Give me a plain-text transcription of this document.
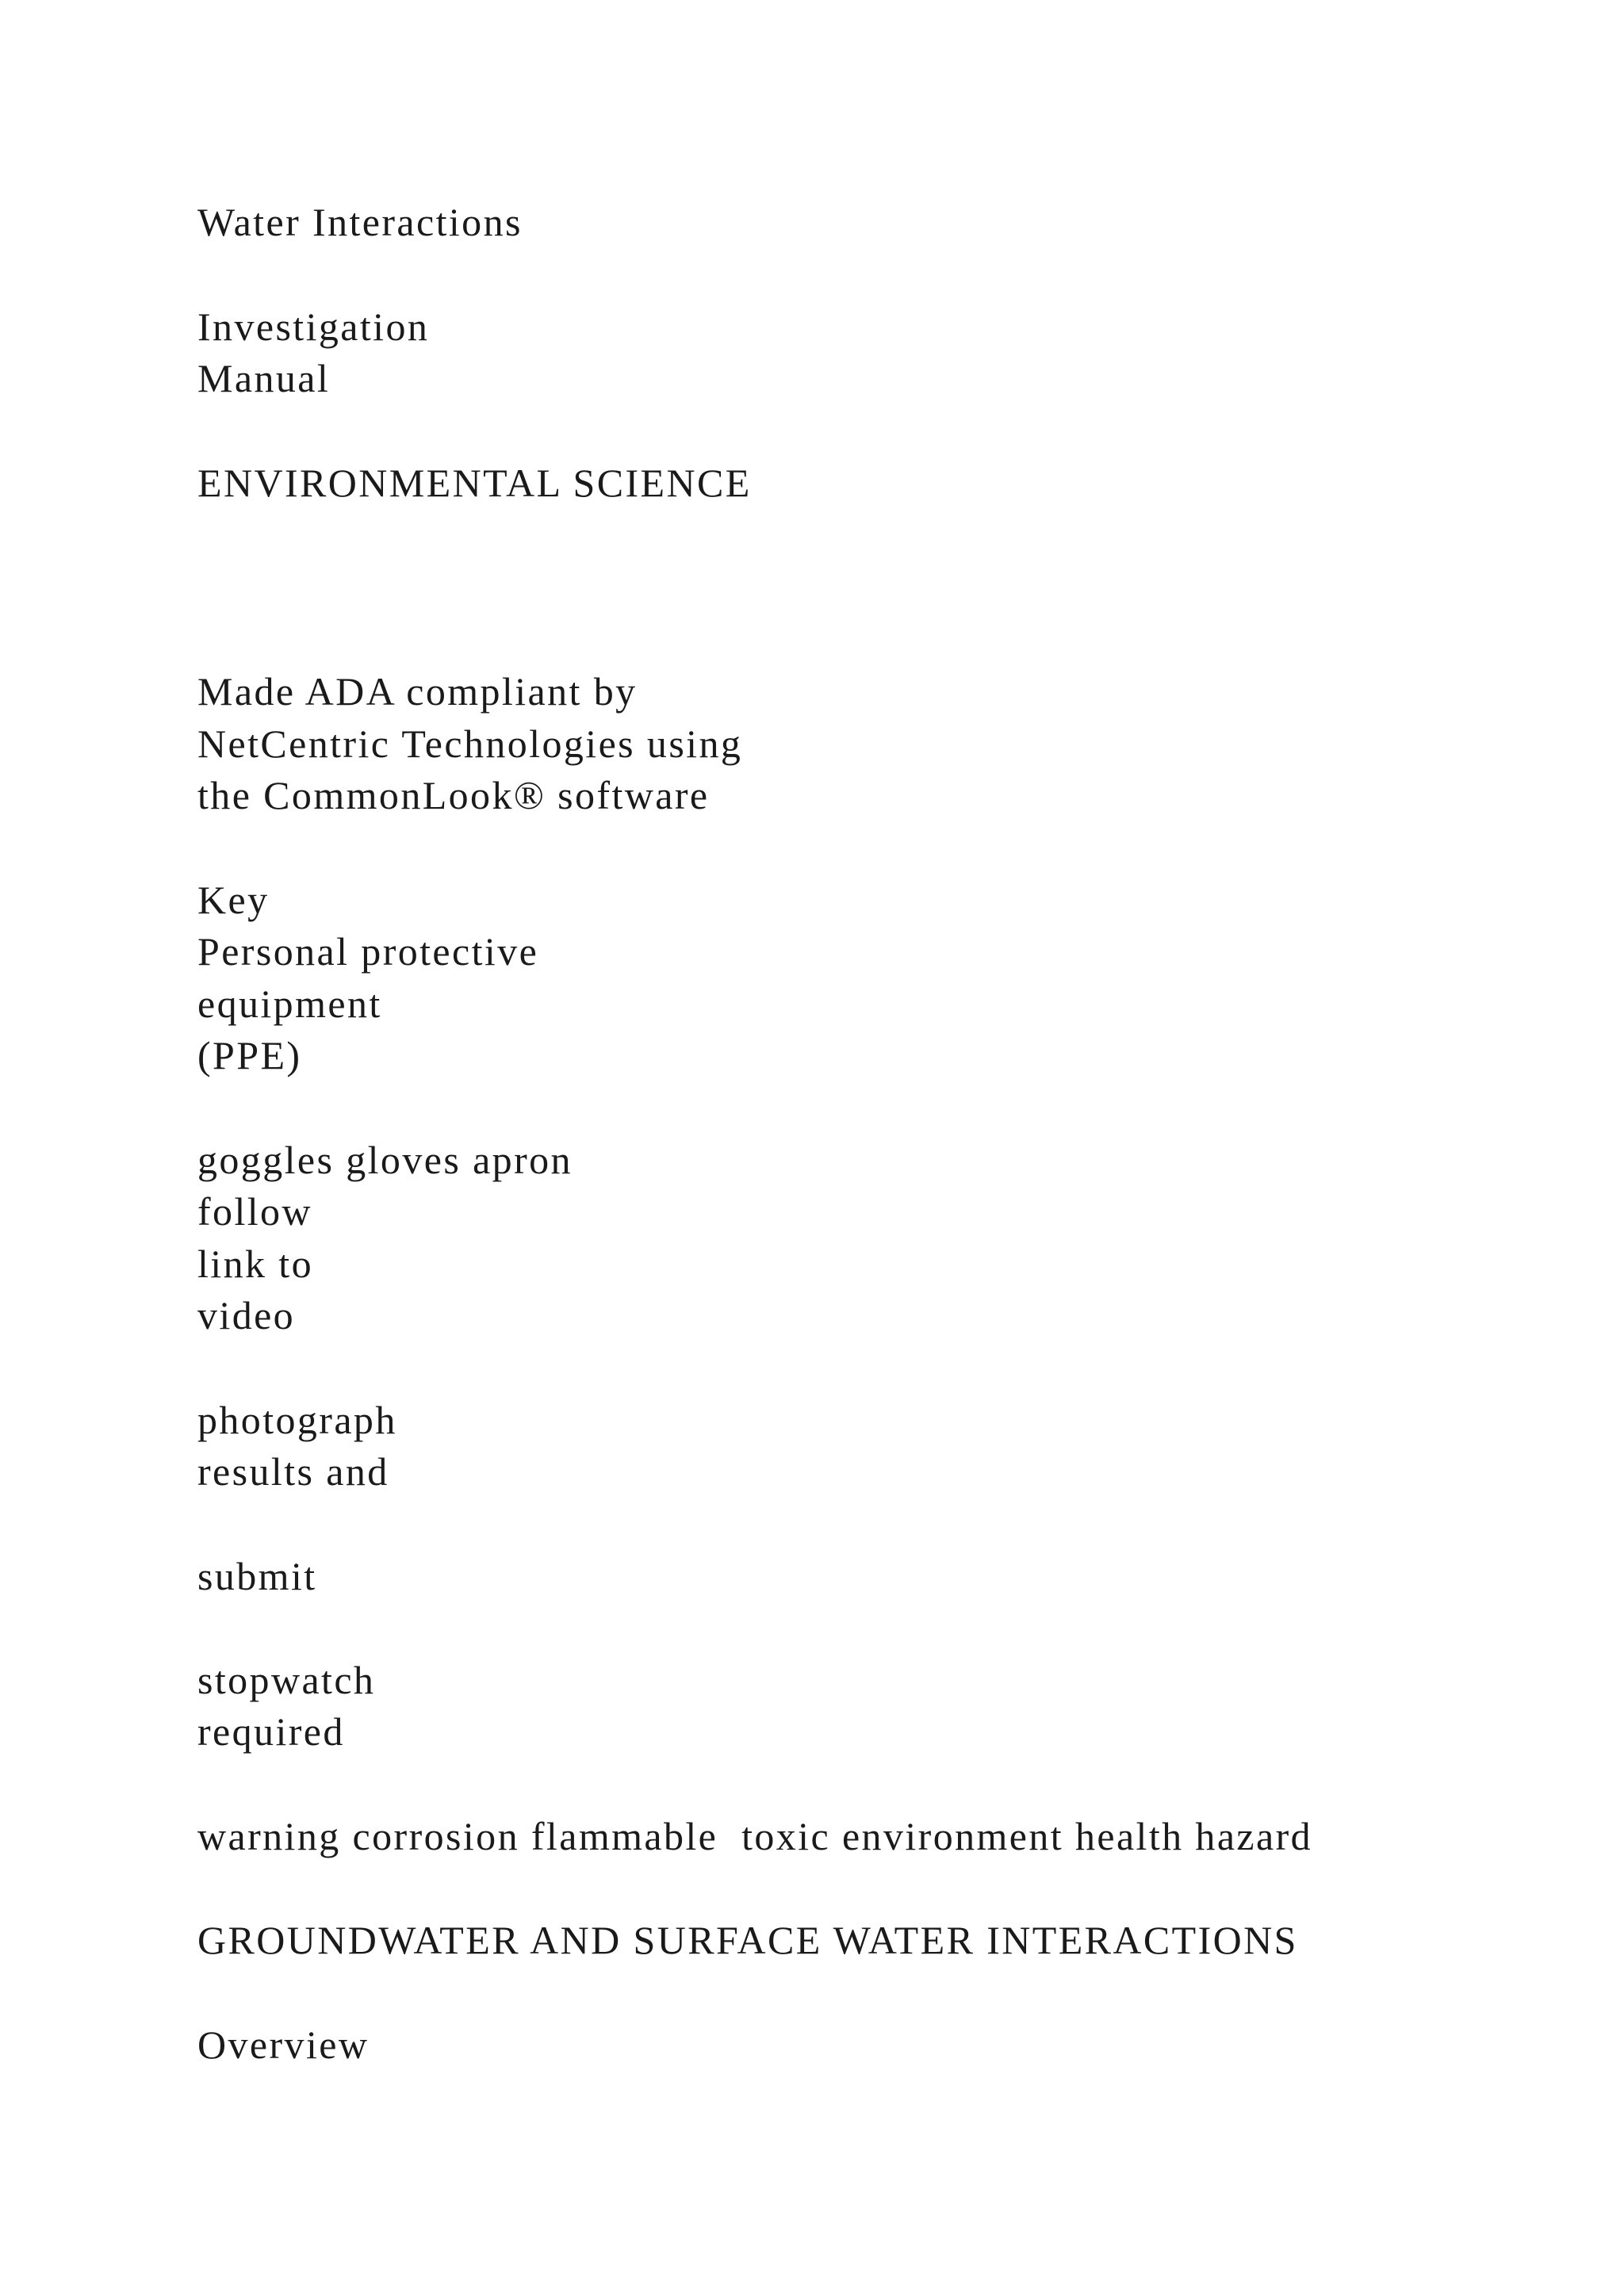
Water Interactions

Investigation

Manual

ENVIRONMENTAL SCIENCE

Made ADA compliant by

NetCentric Technologies using

the CommonLook® software

Key

Personal protective

equipment

(PPE)

goggles gloves apron

follow

link to

video

photograph

results and

submit

stopwatch

required

warning corrosion flammable  toxic environment health hazard

GROUNDWATER AND SURFACE WATER INTERACTIONS

Overview
